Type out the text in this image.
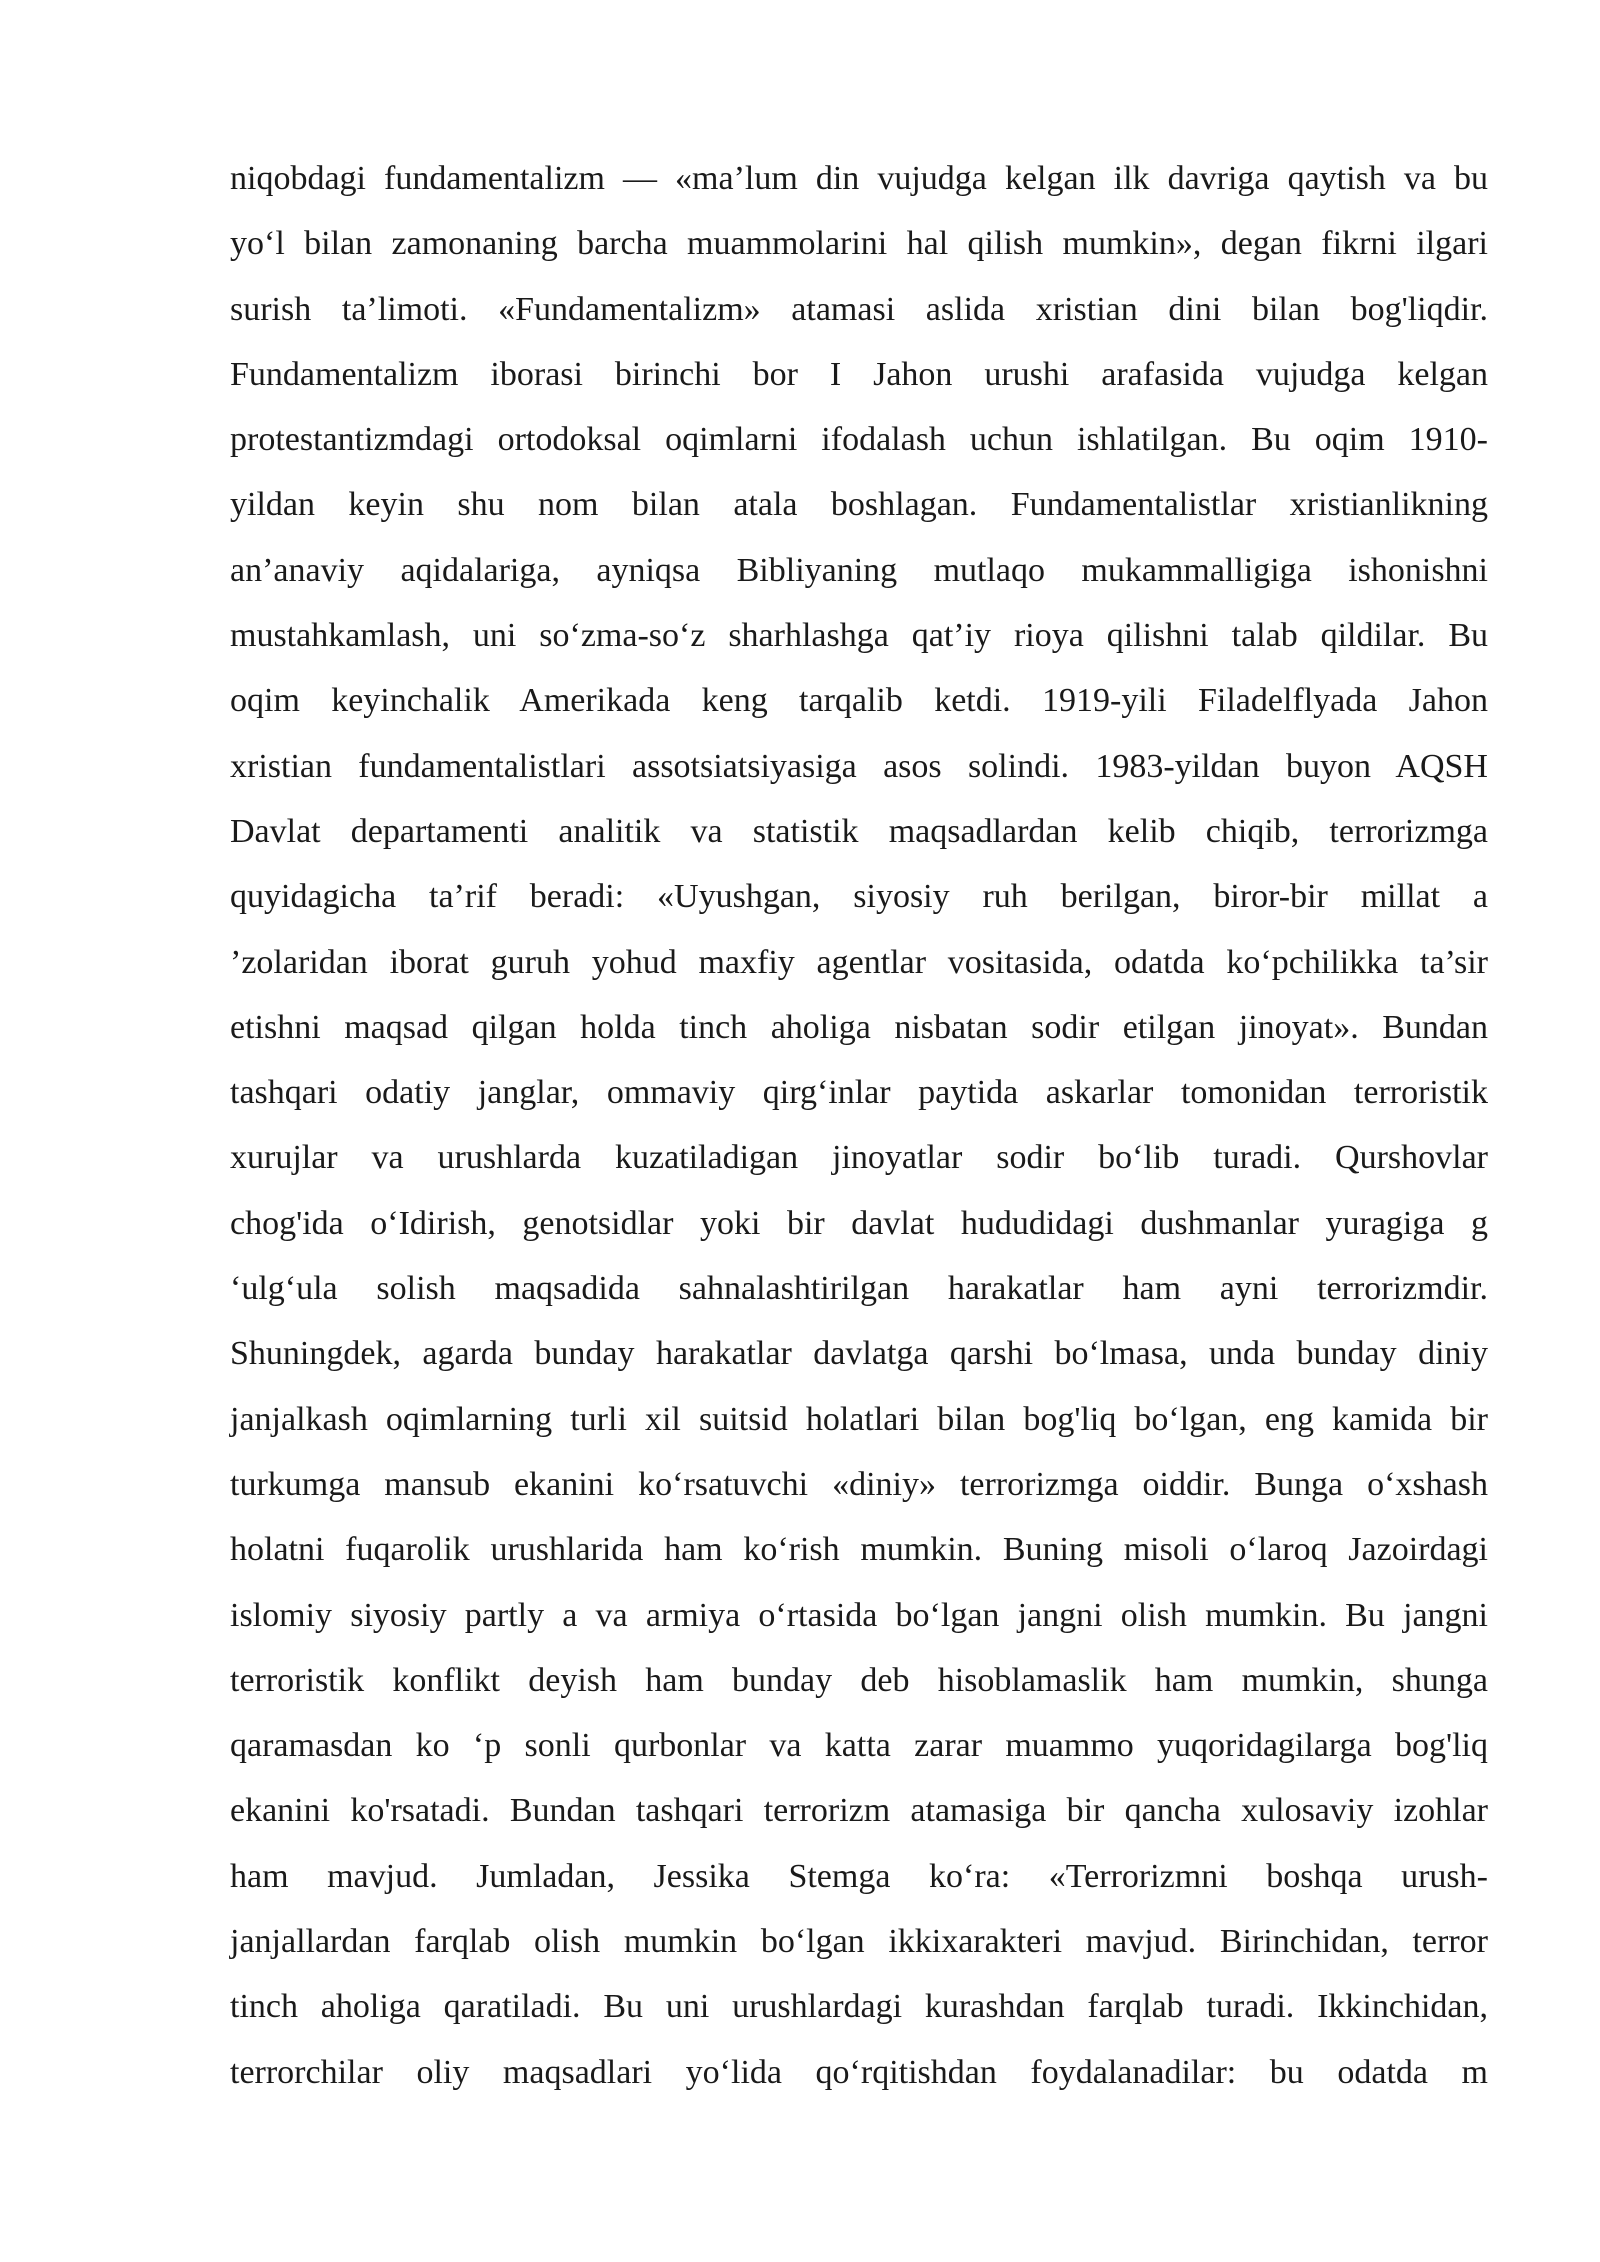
niqobdagi fundamentalizm — «ma’lum din vujudga kelgan ilk davriga qaytish va bu
yo‘l bilan zamonaning barcha muammolarini hal qilish mumkin», degan fikrni ilgari
surish ta’limoti. «Fundamentalizm» atamasi aslida xristian dini bilan bog'liqdir.
Fundamentalizm iborasi birinchi bor I Jahon urushi arafasida vujudga kelgan
protestantizmdagi ortodoksal oqimlarni ifodalash uchun ishlatilgan. Bu oqim 1910-
yildan keyin shu nom bilan atala boshlagan. Fundamentalistlar xristianlikning
an’anaviy aqidalariga, ayniqsa Bibliyaning mutlaqo mukammalligiga ishonishni
mustahkamlash, uni so‘zma-so‘z sharhlashga qat’iy rioya qilishni talab qildilar. Bu
oqim keyinchalik Amerikada keng tarqalib ketdi. 1919-yili Filadelflyada Jahon
xristian fundamentalistlari assotsiatsiyasiga asos solindi. 1983-yildan buyon AQSH
Davlat departamenti analitik va statistik maqsadlardan kelib chiqib, terrorizmga
quyidagicha ta’rif beradi: «Uyushgan, siyosiy ruh berilgan, biror-bir millat a
’zolaridan iborat guruh yohud maxfiy agentlar vositasida, odatda ko‘pchilikka ta’sir
etishni maqsad qilgan holda tinch aholiga nisbatan sodir etilgan jinoyat». Bundan
tashqari odatiy janglar, ommaviy qirg‘inlar paytida askarlar tomonidan terroristik
xurujlar va urushlarda kuzatiladigan jinoyatlar sodir bo‘lib turadi. Qurshovlar
chog'ida o‘Idirish, genotsidlar yoki bir davlat hududidagi dushmanlar yuragiga g
‘ulg‘ula solish maqsadida sahnalashtirilgan harakatlar ham ayni terrorizmdir.
Shuningdek, agarda bunday harakatlar davlatga qarshi bo‘lmasa, unda bunday diniy
janjalkash oqimlarning turli xil suitsid holatlari bilan bog'liq bo‘lgan, eng kamida bir
turkumga mansub ekanini ko‘rsatuvchi «diniy» terrorizmga oiddir. Bunga o‘xshash
holatni fuqarolik urushlarida ham ko‘rish mumkin. Buning misoli o‘laroq Jazoirdagi
islomiy siyosiy partly a va armiya o‘rtasida bo‘lgan jangni olish mumkin. Bu jangni
terroristik konflikt deyish ham bunday deb hisoblamaslik ham mumkin, shunga
qaramasdan ko ‘p sonli qurbonlar va katta zarar muammo yuqoridagilarga bog'liq
ekanini ko'rsatadi. Bundan tashqari terrorizm atamasiga bir qancha xulosaviy izohlar
ham mavjud. Jumladan, Jessika Stemga ko‘ra: «Terrorizmni boshqa urush-
janjallardan farqlab olish mumkin bo‘lgan ikkixarakteri mavjud. Birinchidan, terror
tinch aholiga qaratiladi. Bu uni urushlardagi kurashdan farqlab turadi. Ikkinchidan,
terrorchilar oliy maqsadlari yo‘lida qo‘rqitishdan foydalanadilar: bu odatda m
